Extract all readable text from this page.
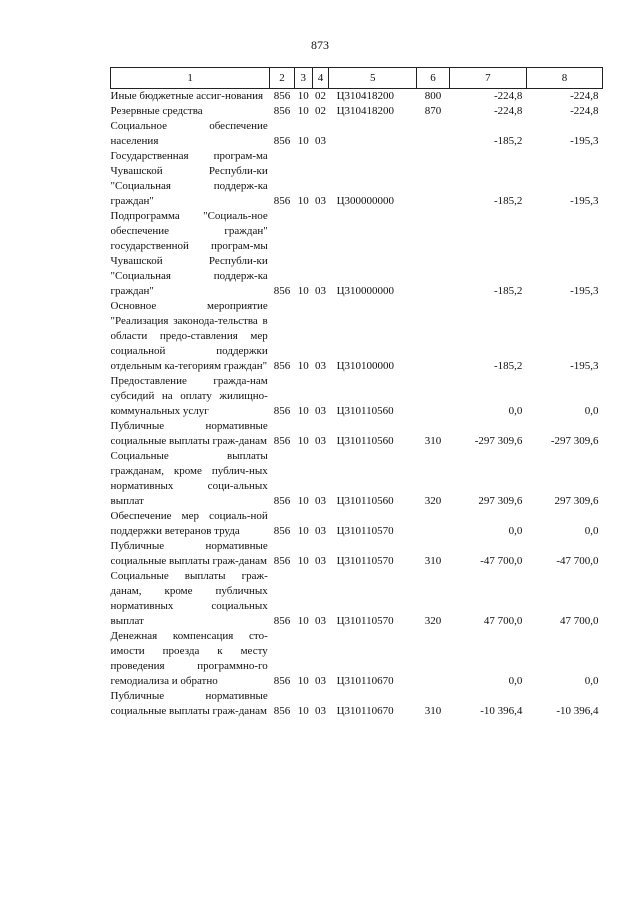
873
1	2	3	4	5	6	7	8
Иные бюджетные ассиг-нования	856	10	02	Ц310418200	800	-224,8	-224,8
Резервные средства	856	10	02	Ц310418200	870	-224,8	-224,8
Социальное обеспечение населения	856	10	03			-185,2	-195,3
Государственная програм-ма Чувашской Республи-ки "Социальная поддерж-ка граждан"	856	10	03	Ц300000000		-185,2	-195,3
Подпрограмма "Социаль-ное обеспечение граждан" государственной програм-мы Чувашской Республи-ки "Социальная поддерж-ка граждан"	856	10	03	Ц310000000		-185,2	-195,3
Основное мероприятие "Реализация законода-тельства в области предо-ставления мер социальной поддержки отдельным ка-тегориям граждан"	856	10	03	Ц310100000		-185,2	-195,3
Предоставление гражда-нам субсидий на оплату жилищно-коммунальных услуг	856	10	03	Ц310110560		0,0	0,0
Публичные нормативные социальные выплаты граж-данам	856	10	03	Ц310110560	310	-297 309,6	-297 309,6
Социальные выплаты гражданам, кроме публич-ных нормативных соци-альных выплат	856	10	03	Ц310110560	320	297 309,6	297 309,6
Обеспечение мер социаль-ной поддержки ветеранов труда	856	10	03	Ц310110570		0,0	0,0
Публичные нормативные социальные выплаты граж-данам	856	10	03	Ц310110570	310	-47 700,0	-47 700,0
Социальные выплаты граж-данам, кроме публичных нормативных социальных выплат	856	10	03	Ц310110570	320	47 700,0	47 700,0
Денежная компенсация сто-имости проезда к месту проведения программно-го гемодиализа и обратно	856	10	03	Ц310110670		0,0	0,0
Публичные нормативные социальные выплаты граж-данам	856	10	03	Ц310110670	310	-10 396,4	-10 396,4
